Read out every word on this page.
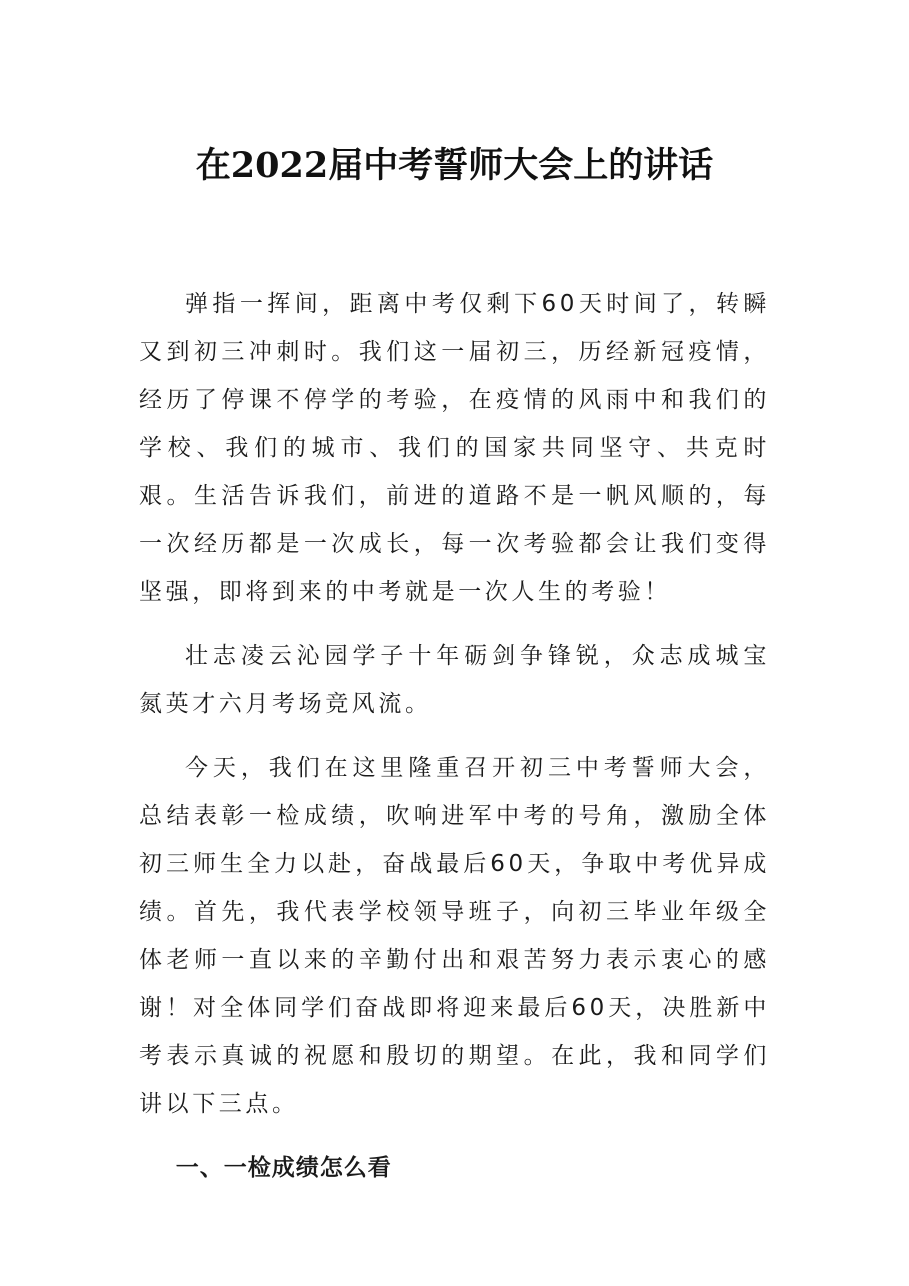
在2022届中考誓师大会上的讲话

弹指一挥间，距离中考仅剩下60天时间了，转瞬又到初三冲刺时。我们这一届初三，历经新冠疫情，经历了停课不停学的考验，在疫情的风雨中和我们的学校、我们的城市、我们的国家共同坚守、共克时艰。生活告诉我们，前进的道路不是一帆风顺的，每一次经历都是一次成长，每一次考验都会让我们变得坚强，即将到来的中考就是一次人生的考验！

壮志凌云沁园学子十年砺剑争锋锐，众志成城宝氮英才六月考场竞风流。

今天，我们在这里隆重召开初三中考誓师大会，总结表彰一检成绩，吹响进军中考的号角，激励全体初三师生全力以赴，奋战最后60天，争取中考优异成绩。首先，我代表学校领导班子，向初三毕业年级全体老师一直以来的辛勤付出和艰苦努力表示衷心的感谢！对全体同学们奋战即将迎来最后60天，决胜新中考表示真诚的祝愿和殷切的期望。在此，我和同学们讲以下三点。

一、一检成绩怎么看
